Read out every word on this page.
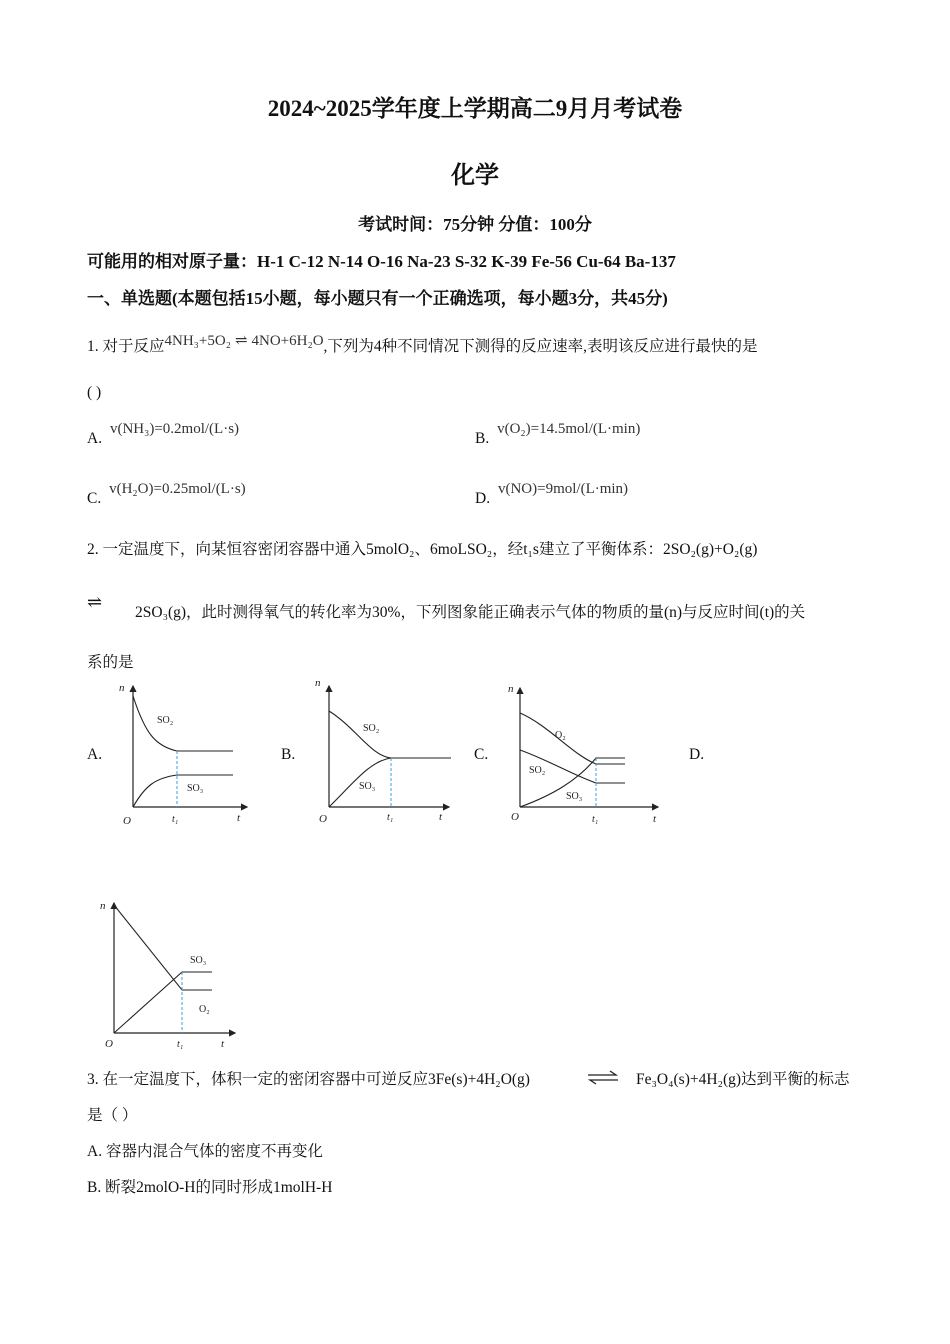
2024~2025学年度上学期高二9月月考试卷
化学
考试时间：75分钟 分值：100分
可能用的相对原子量：H-1 C-12 N-14 O-16 Na-23 S-32 K-39 Fe-56 Cu-64 Ba-137
一、单选题(本题包括15小题，每小题只有一个正确选项，每小题3分，共45分)
1. 对于反应4NH₃+5O₂ ⇌ 4NO+6H₂O,下列为4种不同情况下测得的反应速率,表明该反应进行最快的是
( )
A. v(NH₃)=0.2mol/(L·s)
B. v(O₂)=14.5mol/(L·min)
C. v(H₂O)=0.25mol/(L·s)
D. v(NO)=9mol/(L·min)
2. 一定温度下，向某恒容密闭容器中通入5molO₂、6moLSO₂，经t₁s建立了平衡体系：2SO₂(g)+O₂(g)
⇌
2SO₃(g)，此时测得氧气的转化率为30%，下列图象能正确表示气体的物质的量(n)与反应时间(t)的关
系的是
A.	B.	C.	D.
n
t
O	t₁
SO₂
SO₃
n
t
O	t₁
SO₂
SO₃
n
t
O	t₁
O₂
SO₂
SO₃
n
t
O	t₁
SO₃
O₂
3. 在一定温度下，体积一定的密闭容器中可逆反应3Fe(s)+4H₂O(g)	⇌ Fe₃O₄(s)+4H₂(g)达到平衡的标志
是（ ）
A. 容器内混合气体的密度不再变化
B. 断裂2molO-H的同时形成1molH-H
